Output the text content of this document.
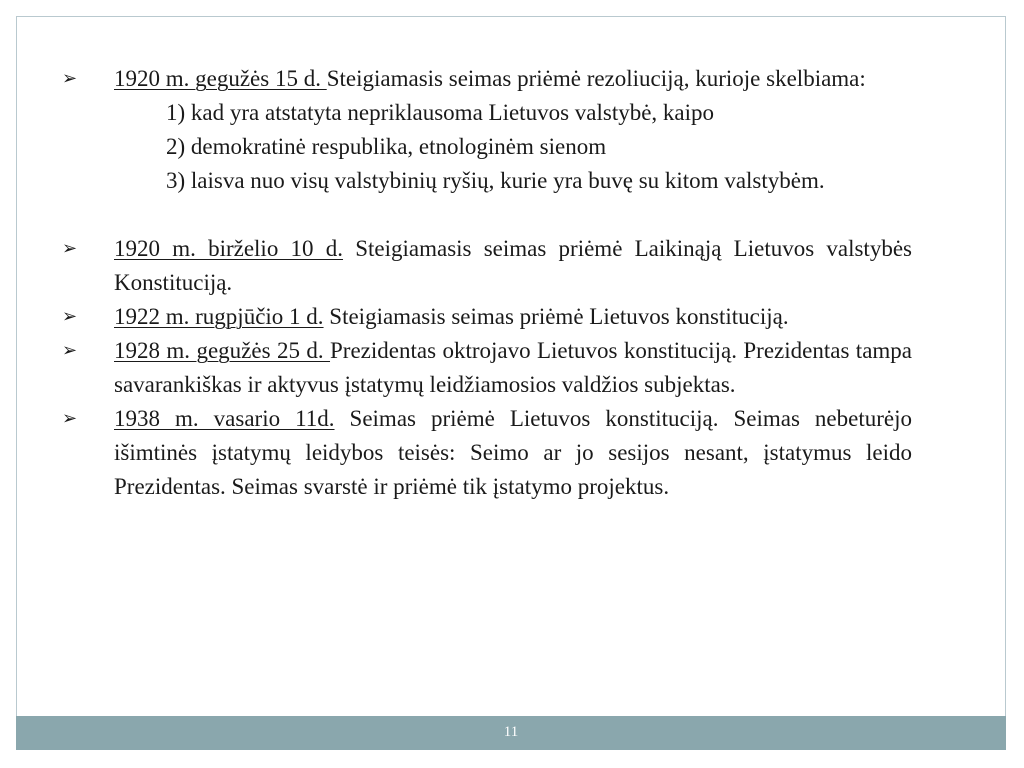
➢	1920 m. gegužės 15 d. Steigiamasis seimas priėmė rezoliuciją, kurioje skelbiama:
1) kad yra atstatyta nepriklausoma Lietuvos valstybė, kaipo
2) demokratinė respublika, etnologinėm sienom
3) laisva nuo visų valstybinių ryšių, kurie yra buvę su kitom valstybėm.
➢	1920 m. birželio 10 d. Steigiamasis seimas priėmė Laikinąją Lietuvos valstybės Konstituciją.
➢	1922 m. rugpjūčio 1 d. Steigiamasis seimas priėmė Lietuvos konstituciją.
➢	1928 m. gegužės 25 d. Prezidentas oktrojavo Lietuvos konstituciją. Prezidentas tampa savarankiškas ir aktyvus įstatymų leidžiamosios valdžios subjektas.
➢	1938 m. vasario 11d. Seimas priėmė Lietuvos konstituciją. Seimas nebeturėjo išimtinės įstatymų leidybos teisės: Seimo ar jo sesijos nesant, įstatymus leido Prezidentas. Seimas svarstė ir priėmė tik įstatymo projektus.
11
